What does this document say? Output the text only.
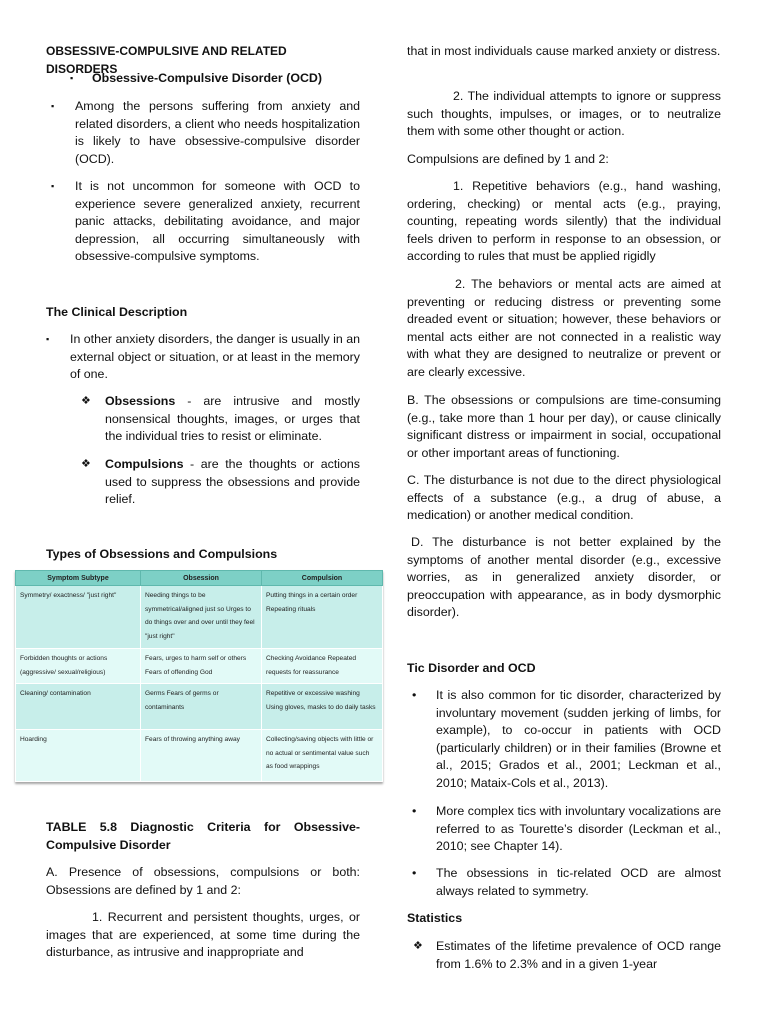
OBSESSIVE-COMPULSIVE AND RELATED DISORDERS
▪ Obsessive-Compulsive Disorder (OCD)
▪ Among the persons suffering from anxiety and related disorders, a client who needs hospitalization is likely to have obsessive-compulsive disorder (OCD).
▪ It is not uncommon for someone with OCD to experience severe generalized anxiety, recurrent panic attacks, debilitating avoidance, and major depression, all occurring simultaneously with obsessive-compulsive symptoms.
The Clinical Description
▪ In other anxiety disorders, the danger is usually in an external object or situation, or at least in the memory of one.
❖ Obsessions - are intrusive and mostly nonsensical thoughts, images, or urges that the individual tries to resist or eliminate.
❖ Compulsions - are the thoughts or actions used to suppress the obsessions and provide relief.
Types of Obsessions and Compulsions
TABLE 5.8 Diagnostic Criteria for Obsessive-Compulsive Disorder
A. Presence of obsessions, compulsions or both: Obsessions are defined by 1 and 2:
1. Recurrent and persistent thoughts, urges, or images that are experienced, at some time during the disturbance, as intrusive and inappropriate and
Symptom Subtype	Obsession	Compulsion
Symmetry/ exactness/ "just right"	Needing things to be symmetrical/aligned just so Urges to do things over and over until they feel "just right"	Putting things in a certain order Repeating rituals
Forbidden thoughts or actions (aggressive/ sexual/religious)	Fears, urges to harm self or others Fears of offending God	Checking Avoidance Repeated requests for reassurance
Cleaning/ contamination	Germs Fears of germs or contaminants	Repetitive or excessive washing Using gloves, masks to do daily tasks
Hoarding	Fears of throwing anything away	Collecting/saving objects with little or no actual or sentimental value such as food wrappings
that in most individuals cause marked anxiety or distress.
2. The individual attempts to ignore or suppress such thoughts, impulses, or images, or to neutralize them with some other thought or action.
Compulsions are defined by 1 and 2:
1. Repetitive behaviors (e.g., hand washing, ordering, checking) or mental acts (e.g., praying, counting, repeating words silently) that the individual feels driven to perform in response to an obsession, or according to rules that must be applied rigidly
2. The behaviors or mental acts are aimed at preventing or reducing distress or preventing some dreaded event or situation; however, these behaviors or mental acts either are not connected in a realistic way with what they are designed to neutralize or prevent or are clearly excessive.
B. The obsessions or compulsions are time-consuming (e.g., take more than 1 hour per day), or cause clinically significant distress or impairment in social, occupational or other important areas of functioning.
C. The disturbance is not due to the direct physiological effects of a substance (e.g., a drug of abuse, a medication) or another medical condition.
D. The disturbance is not better explained by the symptoms of another mental disorder (e.g., excessive worries, as in generalized anxiety disorder, or preoccupation with appearance, as in body dysmorphic disorder).
Tic Disorder and OCD
• It is also common for tic disorder, characterized by involuntary movement (sudden jerking of limbs, for example), to co-occur in patients with OCD (particularly children) or in their families (Browne et al., 2015; Grados et al., 2001; Leckman et al., 2010; Mataix-Cols et al., 2013).
• More complex tics with involuntary vocalizations are referred to as Tourette’s disorder (Leckman et al., 2010; see Chapter 14).
• The obsessions in tic-related OCD are almost always related to symmetry.
Statistics
❖ Estimates of the lifetime prevalence of OCD range from 1.6% to 2.3% and in a given 1-year
